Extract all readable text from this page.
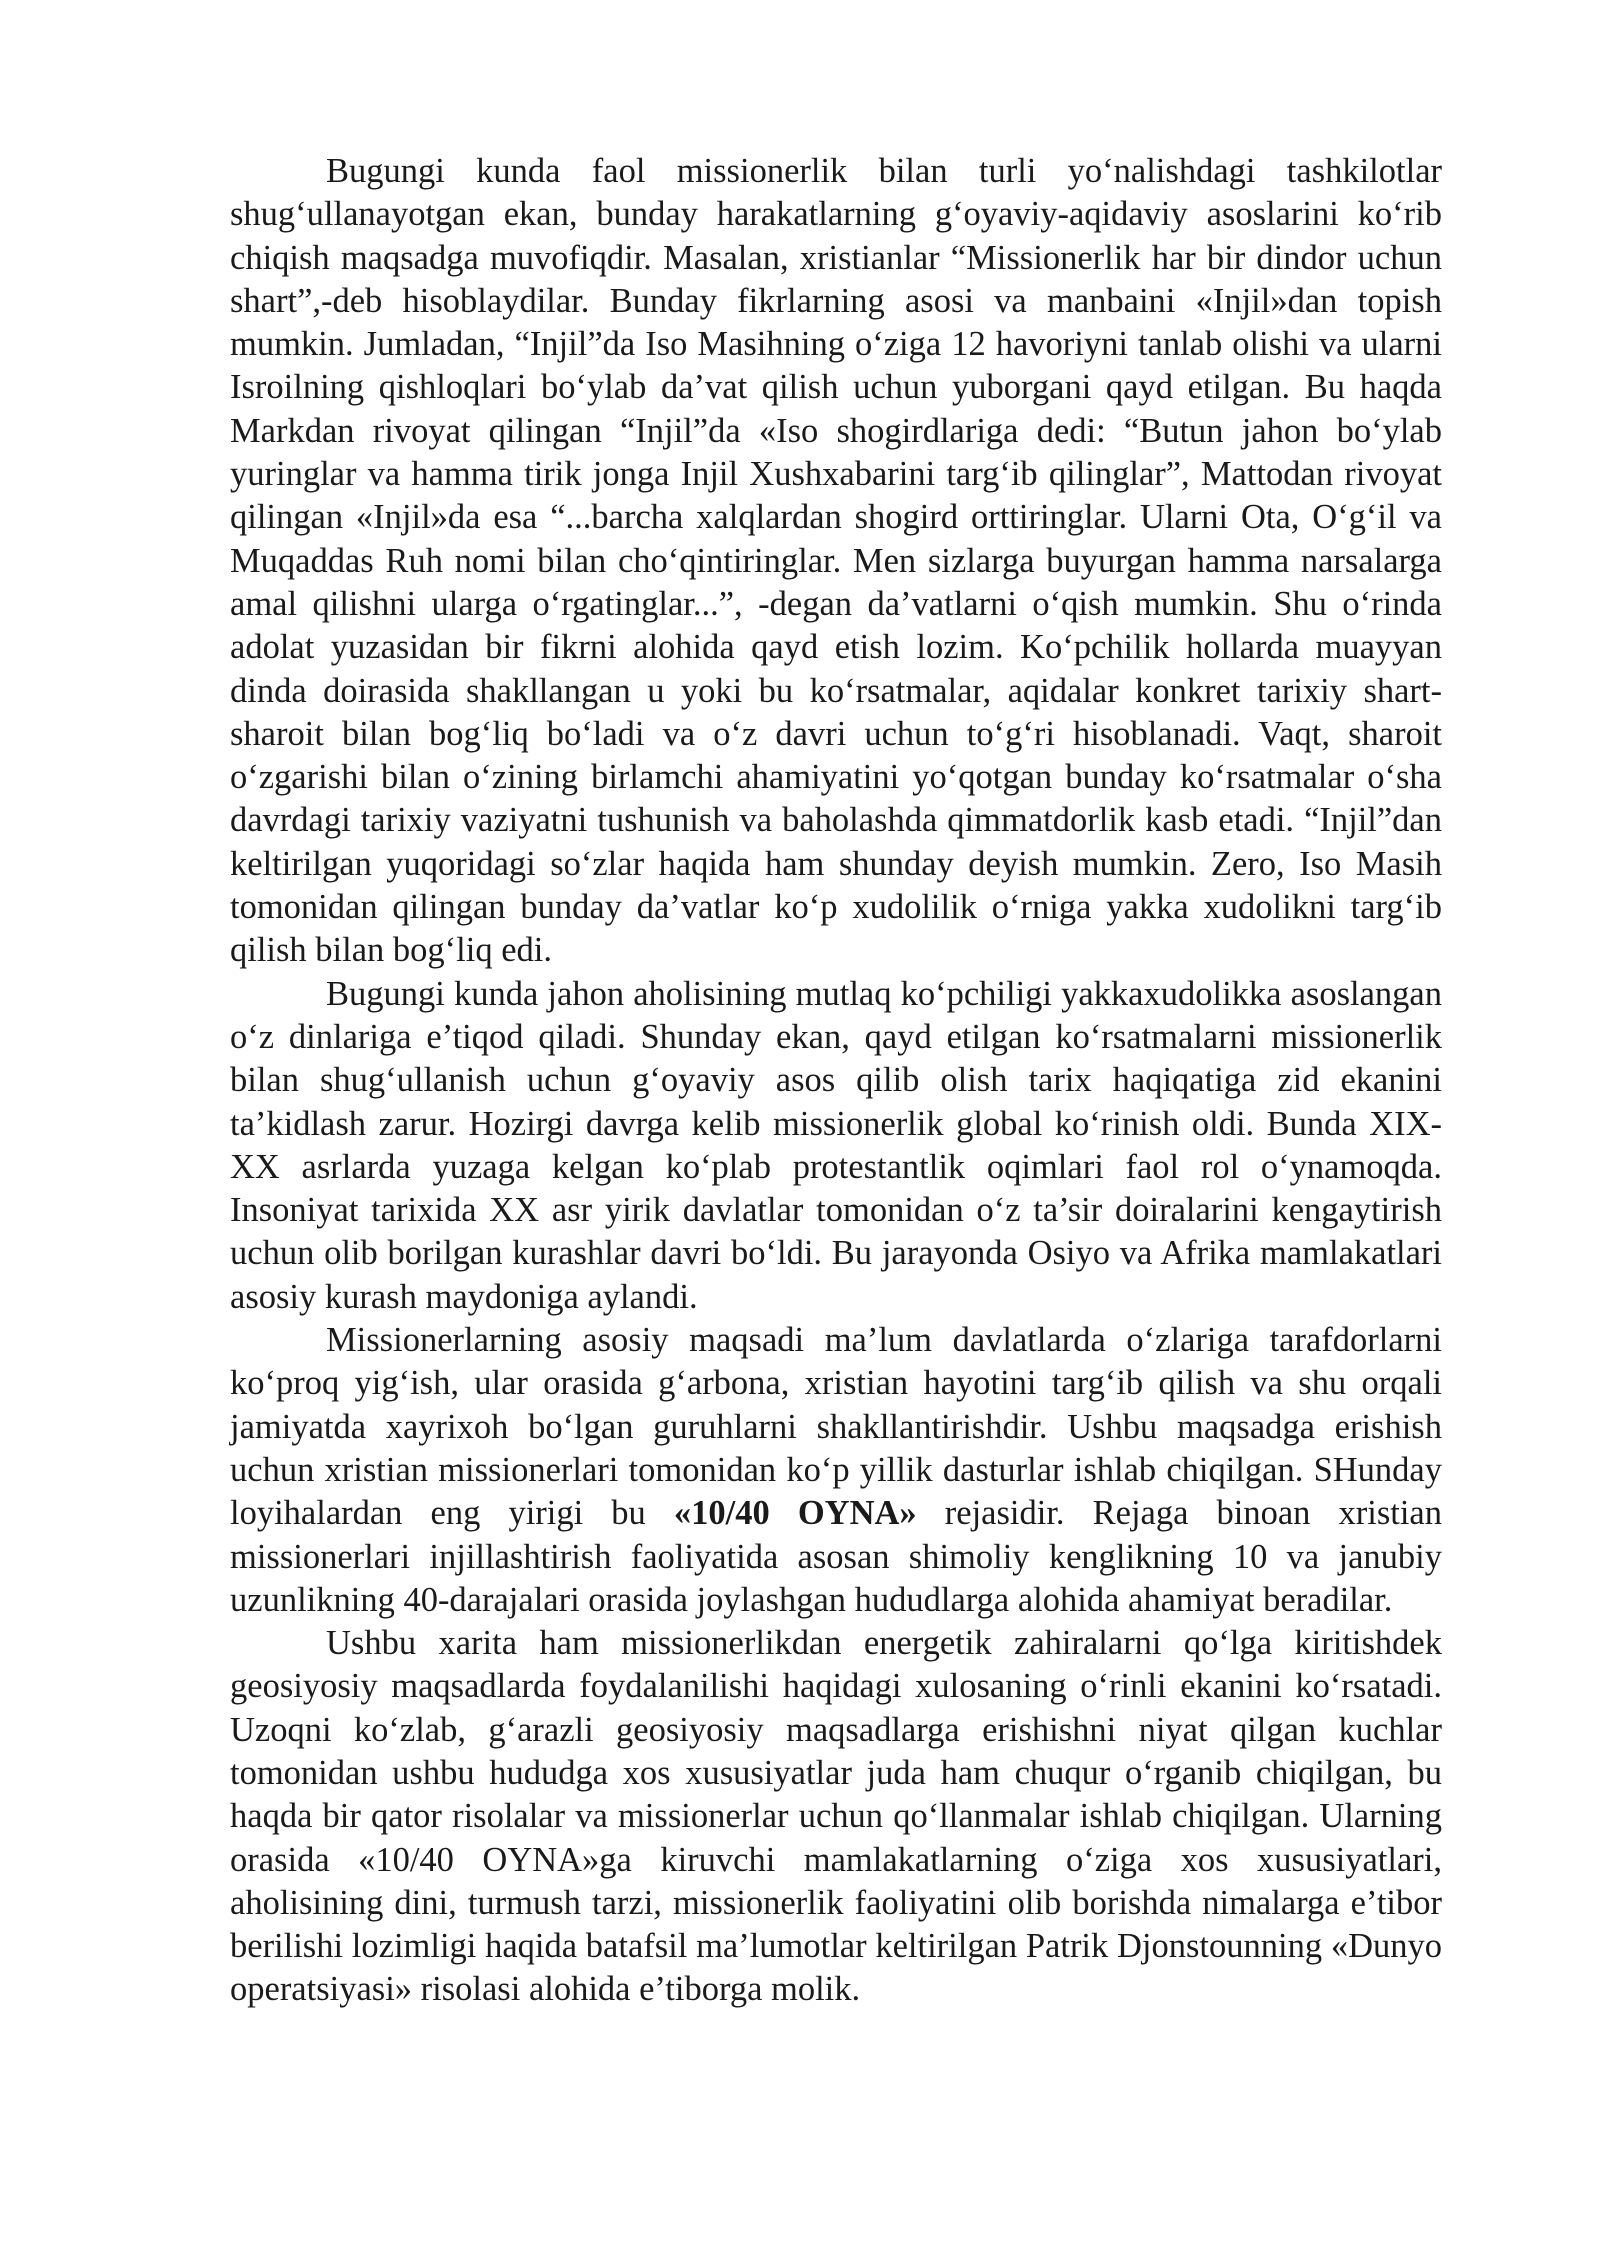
Bugungi kunda faol missionerlik bilan turli yo‘nalishdagi tashkilotlar shug‘ullanayotgan ekan, bunday harakatlarning g‘oyaviy-aqidaviy asoslarini ko‘rib chiqish maqsadga muvofiqdir. Masalan, xristianlar “Missionerlik har bir dindor uchun shart”,-deb hisoblaydilar. Bunday fikrlarning asosi va manbaini «Injil»dan topish mumkin. Jumladan, “Injil”da Iso Masihning o‘ziga 12 havoriyni tanlab olishi va ularni Isroilning qishloqlari bo‘ylab da’vat qilish uchun yuborgani qayd etilgan. Bu haqda Markdan rivoyat qilingan “Injil”da «Iso shogirdlariga dedi: “Butun jahon bo‘ylab yuringlar va hamma tirik jonga Injil Xushxabarini targ‘ib qilinglar”, Mattodan rivoyat qilingan «Injil»da esa “...barcha xalqlardan shogird orttiringlar. Ularni Ota, O‘g‘il va Muqaddas Ruh nomi bilan cho‘qintiringlar. Men sizlarga buyurgan hamma narsalarga amal qilishni ularga o‘rgatinglar...”, -degan da’vatlarni o‘qish mumkin. Shu o‘rinda adolat yuzasidan bir fikrni alohida qayd etish lozim. Ko‘pchilik hollarda muayyan dinda doirasida shakllangan u yoki bu ko‘rsatmalar, aqidalar konkret tarixiy shart-sharoit bilan bog‘liq bo‘ladi va o‘z davri uchun to‘g‘ri hisoblanadi. Vaqt, sharoit o‘zgarishi bilan o‘zining birlamchi ahamiyatini yo‘qotgan bunday ko‘rsatmalar o‘sha davrdagi tarixiy vaziyatni tushunish va baholashda qimmatdorlik kasb etadi. “Injil”dan keltirilgan yuqoridagi so‘zlar haqida ham shunday deyish mumkin. Zero, Iso Masih tomonidan qilingan bunday da’vatlar ko‘p xudolilik o‘rniga yakka xudolikni targ‘ib qilish bilan bog‘liq edi.

Bugungi kunda jahon aholisining mutlaq ko‘pchiligi yakkaxudolikka asoslangan o‘z dinlariga e’tiqod qiladi. Shunday ekan, qayd etilgan ko‘rsatmalarni missionerlik bilan shug‘ullanish uchun g‘oyaviy asos qilib olish tarix haqiqatiga zid ekanini ta’kidlash zarur. Hozirgi davrga kelib missionerlik global ko‘rinish oldi. Bunda XIX-XX asrlarda yuzaga kelgan ko‘plab protestantlik oqimlari faol rol o‘ynamoqda. Insoniyat tarixida XX asr yirik davlatlar tomonidan o‘z ta’sir doiralarini kengaytirish uchun olib borilgan kurashlar davri bo‘ldi. Bu jarayonda Osiyo va Afrika mamlakatlari asosiy kurash maydoniga aylandi.

Missionerlarning asosiy maqsadi ma’lum davlatlarda o‘zlariga tarafdorlarni ko‘proq yig‘ish, ular orasida g‘arbona, xristian hayotini targ‘ib qilish va shu orqali jamiyatda xayrixoh bo‘lgan guruhlarni shakllantirishdir. Ushbu maqsadga erishish uchun xristian missionerlari tomonidan ko‘p yillik dasturlar ishlab chiqilgan. SHunday loyihalardan eng yirigi bu «10/40 OYNA» rejasidir. Rejaga binoan xristian missionerlari injillashtirish faoliyatida asosan shimoliy kenglikning 10 va janubiy uzunlikning 40-darajalari orasida joylashgan hududlarga alohida ahamiyat beradilar.

Ushbu xarita ham missionerlikdan energetik zahiralarni qo‘lga kiritishdek geosiyosiy maqsadlarda foydalanilishi haqidagi xulosaning o‘rinli ekanini ko‘rsatadi. Uzoqni ko‘zlab, g‘arazli geosiyosiy maqsadlarga erishishni niyat qilgan kuchlar tomonidan ushbu hududga xos xususiyatlar juda ham chuqur o‘rganib chiqilgan, bu haqda bir qator risolalar va missionerlar uchun qo‘llanmalar ishlab chiqilgan. Ularning orasida «10/40 OYNA»ga kiruvchi mamlakatlarning o‘ziga xos xususiyatlari, aholisining dini, turmush tarzi, missionerlik faoliyatini olib borishda nimalarga e’tibor berilishi lozimligi haqida batafsil ma’lumotlar keltirilgan Patrik Djonstounning «Dunyo operatsiyasi» risolasi alohida e’tiborga molik.
